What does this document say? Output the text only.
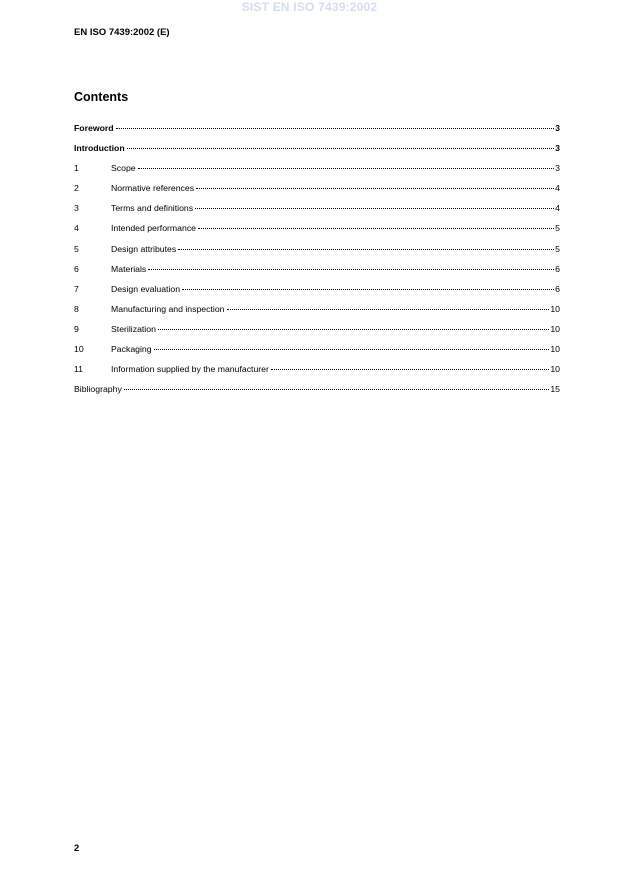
SIST EN ISO 7439:2002
EN ISO 7439:2002 (E)
Contents
Foreword	3
Introduction	3
1	Scope	3
2	Normative references	4
3	Terms and definitions	4
4	Intended performance	5
5	Design attributes	5
6	Materials	6
7	Design evaluation	6
8	Manufacturing and inspection	10
9	Sterilization	10
10	Packaging	10
11	Information supplied by the manufacturer	10
Bibliography	15
2
